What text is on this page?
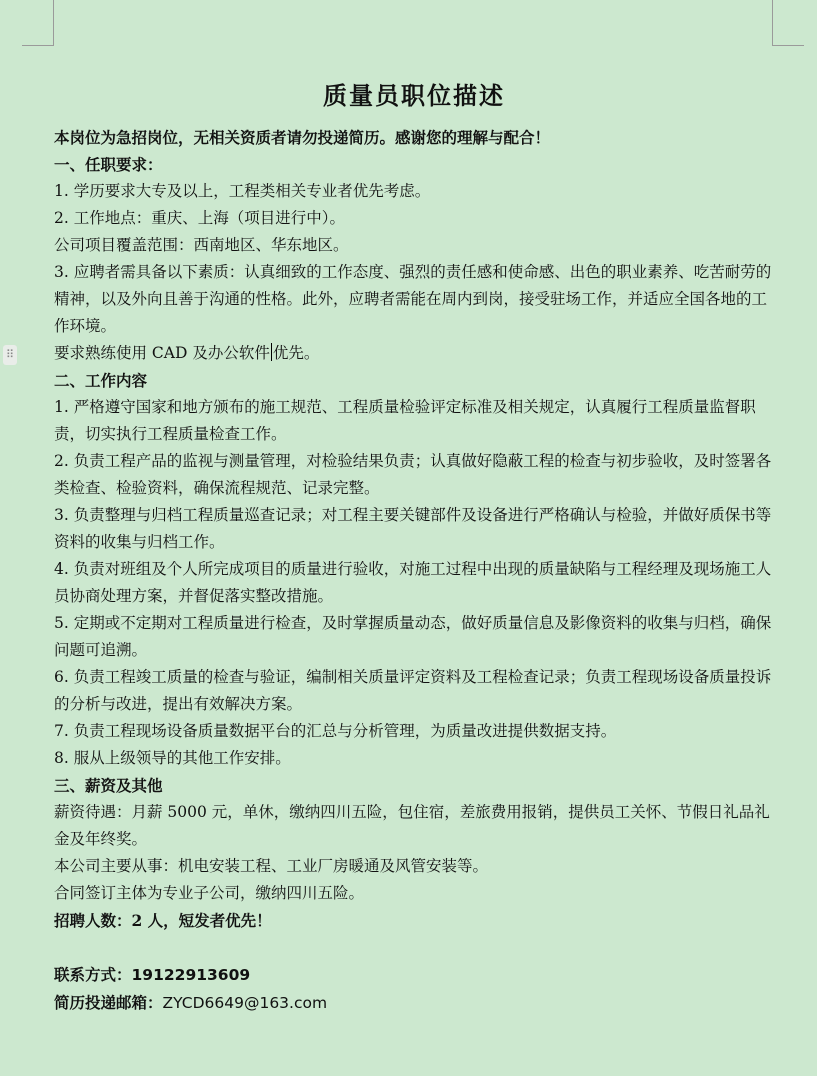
⠿
质量员职位描述

本岗位为急招岗位，无相关资质者请勿投递简历。感谢您的理解与配合！

一、任职要求：

1. 学历要求大专及以上，工程类相关专业者优先考虑。

2. 工作地点：重庆、上海（项目进行中）。

公司项目覆盖范围：西南地区、华东地区。

3. 应聘者需具备以下素质：认真细致的工作态度、强烈的责任感和使命感、出色的职业素养、吃苦耐劳的精神，以及外向且善于沟通的性格。此外，应聘者需能在周内到岗，接受驻场工作，并适应全国各地的工作环境。

要求熟练使用 CAD 及办公软件 优先。

二、工作内容

1. 严格遵守国家和地方颁布的施工规范、工程质量检验评定标准及相关规定，认真履行工程质量监督职责，切实执行工程质量检查工作。

2. 负责工程产品的监视与测量管理，对检验结果负责；认真做好隐蔽工程的检查与初步验收，及时签署各类检查、检验资料，确保流程规范、记录完整。

3. 负责整理与归档工程质量巡查记录；对工程主要关键部件及设备进行严格确认与检验，并做好质保书等资料的收集与归档工作。

4. 负责对班组及个人所完成项目的质量进行验收，对施工过程中出现的质量缺陷与工程经理及现场施工人员协商处理方案，并督促落实整改措施。

5. 定期或不定期对工程质量进行检查，及时掌握质量动态，做好质量信息及影像资料的收集与归档，确保问题可追溯。

6. 负责工程竣工质量的检查与验证，编制相关质量评定资料及工程检查记录；负责工程现场设备质量投诉的分析与改进，提出有效解决方案。

7. 负责工程现场设备质量数据平台的汇总与分析管理，为质量改进提供数据支持。

8. 服从上级领导的其他工作安排。

三、薪资及其他

薪资待遇：月薪 5000 元，单休，缴纳四川五险，包住宿，差旅费用报销，提供员工关怀、节假日礼品礼金及年终奖。

本公司主要从事：机电安装工程、工业厂房暖通及风管安装等。

合同签订主体为专业子公司，缴纳四川五险。

招聘人数：2 人，短发者优先！

联系方式：19122913609

简历投递邮箱：ZYCD6649@163.com
